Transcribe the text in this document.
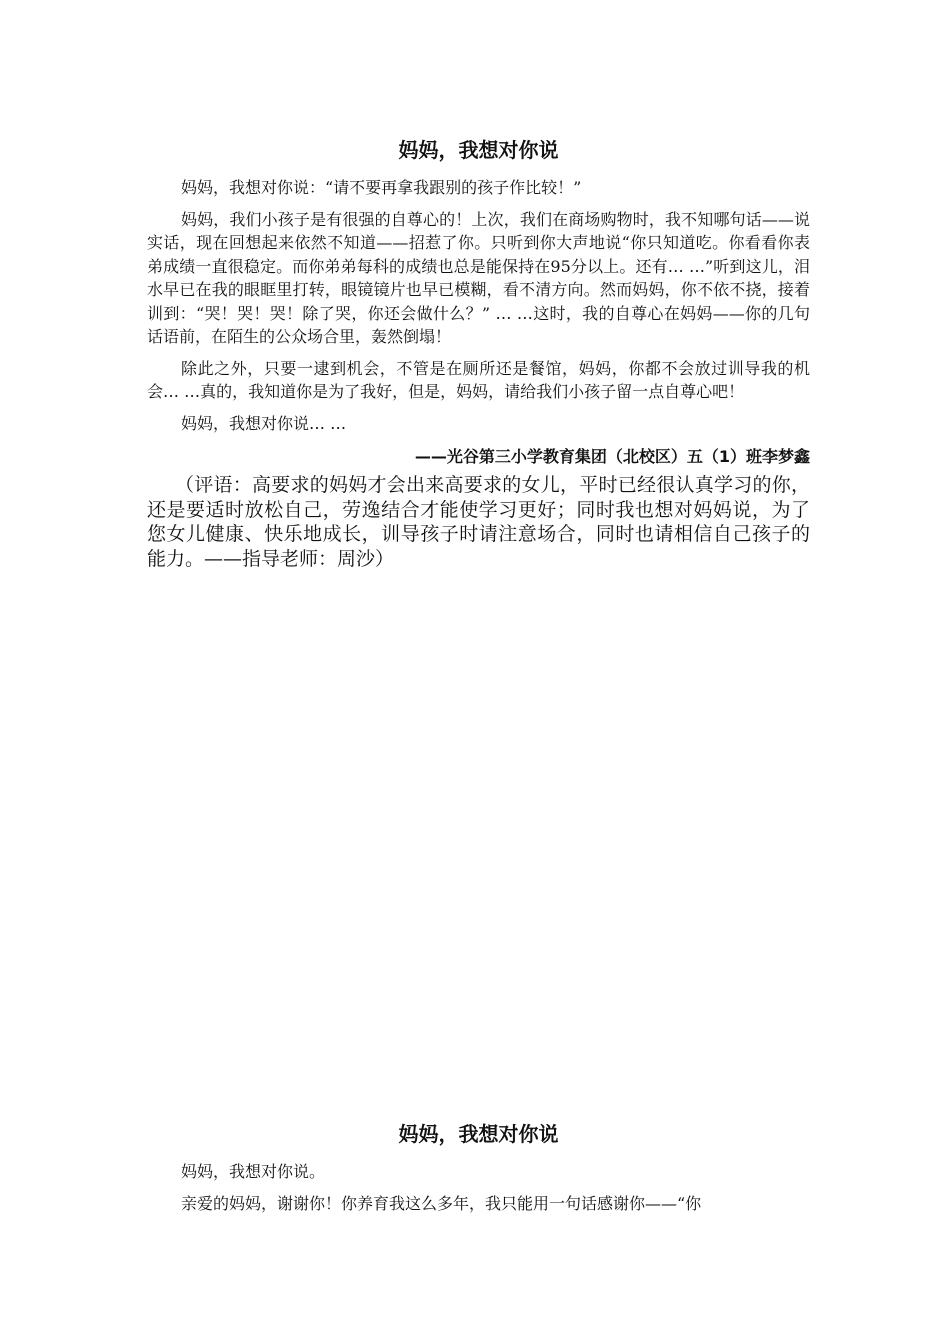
妈妈，我想对你说

妈妈，我想对你说：“请不要再拿我跟别的孩子作比较！”

妈妈，我们小孩子是有很强的自尊心的！上次，我们在商场购物时，我不知哪句话——说实话，现在回想起来依然不知道——招惹了你。只听到你大声地说“你只知道吃。你看看你表弟成绩一直很稳定。而你弟弟每科的成绩也总是能保持在95分以上。还有… …”听到这儿，泪水早已在我的眼眶里打转，眼镜镜片也早已模糊，看不清方向。然而妈妈，你不依不挠，接着训到：“哭！哭！哭！除了哭，你还会做什么？” … …这时，我的自尊心在妈妈——你的几句话语前，在陌生的公众场合里，轰然倒塌！

除此之外，只要一逮到机会，不管是在厕所还是餐馆，妈妈，你都不会放过训导我的机会… …真的，我知道你是为了我好，但是，妈妈，请给我们小孩子留一点自尊心吧！

妈妈，我想对你说… …

——光谷第三小学教育集团（北校区）五（1）班李梦鑫

（评语：高要求的妈妈才会出来高要求的女儿，平时已经很认真学习的你，还是要适时放松自己，劳逸结合才能使学习更好；同时我也想对妈妈说，为了您女儿健康、快乐地成长，训导孩子时请注意场合，同时也请相信自己孩子的能力。——指导老师：周沙）

妈妈，我想对你说

妈妈，我想对你说。

亲爱的妈妈，谢谢你！你养育我这么多年，我只能用一句话感谢你——“你
